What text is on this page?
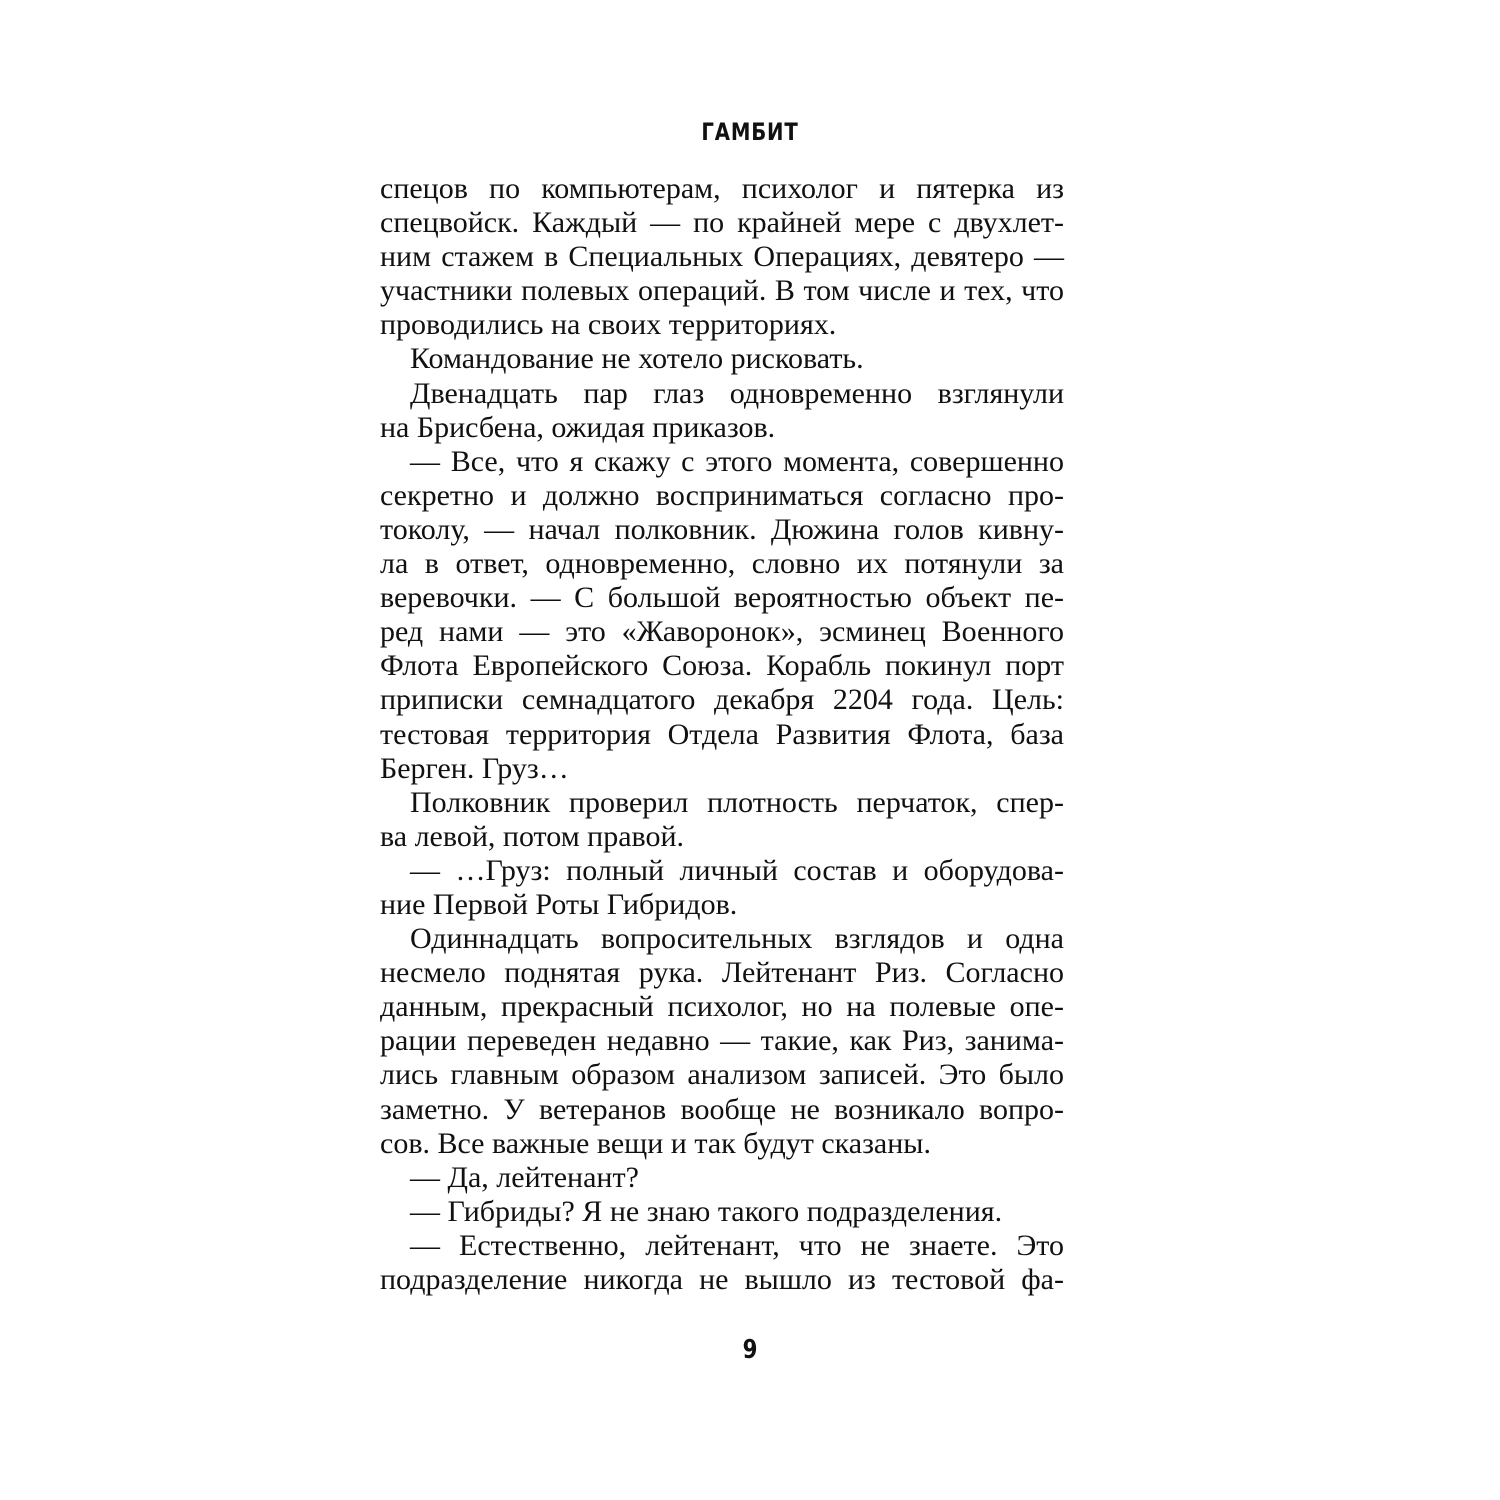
ГАМБИТ
спецов по компьютерам, психолог и пятерка из
спецвойск. Каждый — по крайней мере с двухлет-
ним стажем в Специальных Операциях, девятеро —
участники полевых операций. В том числе и тех, что
проводились на своих территориях.
Командование не хотело рисковать.
Двенадцать пар глаз одновременно взглянули
на Брисбена, ожидая приказов.
— Все, что я скажу с этого момента, совершенно
секретно и должно восприниматься согласно про-
токолу, — начал полковник. Дюжина голов кивну-
ла в ответ, одновременно, словно их потянули за
веревочки. — С большой вероятностью объект пе-
ред нами — это «Жаворонок», эсминец Военного
Флота Европейского Союза. Корабль покинул порт
приписки семнадцатого декабря 2204 года. Цель:
тестовая территория Отдела Развития Флота, база
Берген. Груз…
Полковник проверил плотность перчаток, спер-
ва левой, потом правой.
— …Груз: полный личный состав и оборудова-
ние Первой Роты Гибридов.
Одиннадцать вопросительных взглядов и одна
несмело поднятая рука. Лейтенант Риз. Согласно
данным, прекрасный психолог, но на полевые опе-
рации переведен недавно — такие, как Риз, занима-
лись главным образом анализом записей. Это было
заметно. У ветеранов вообще не возникало вопро-
сов. Все важные вещи и так будут сказаны.
— Да, лейтенант?
— Гибриды? Я не знаю такого подразделения.
— Естественно, лейтенант, что не знаете. Это
подразделение никогда не вышло из тестовой фа-
9
